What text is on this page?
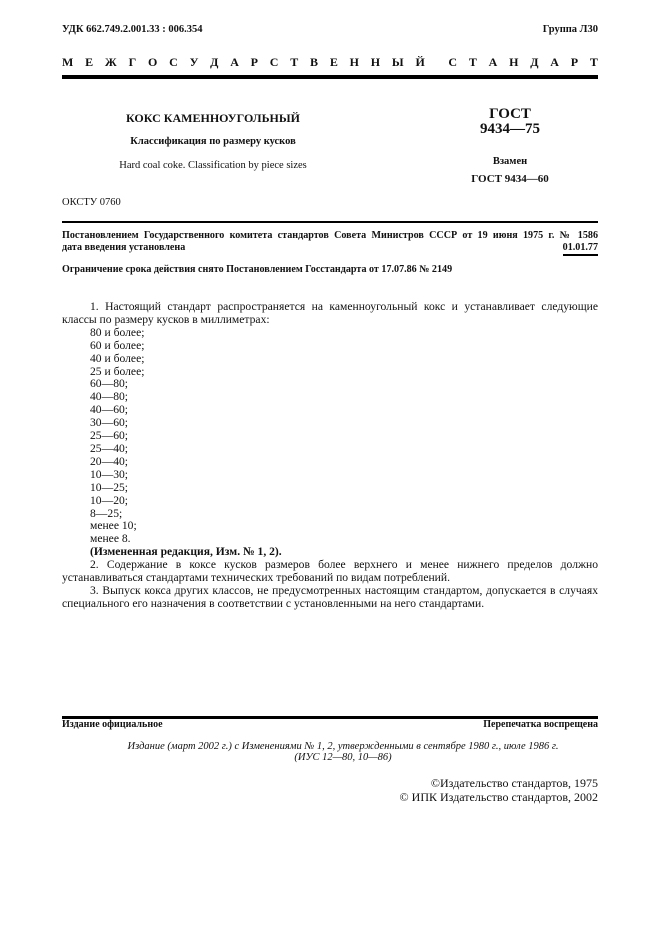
УДК 662.749.2.001.33 : 006.354	Группа Л30
М Е Ж Г О С У Д А Р С Т В Е Н Н Ы Й С Т А Н Д А Р Т
КОКС КАМЕННОУГОЛЬНЫЙ
Классификация по размеру кусков
Hard coal coke. Classification by piece sizes
ГОСТ
9434—75
Взамен
ГОСТ 9434—60
ОКСТУ 0760
Постановлением Государственного комитета стандартов Совета Министров СССР от 19 июня 1975 г. № 1586
дата введения установлена	01.01.77
Ограничение срока действия снято Постановлением Госстандарта от 17.07.86 № 2149

1. Настоящий стандарт распространяется на каменноугольный кокс и устанавливает следующие классы по размеру кусков в миллиметрах:

80 и более;

60 и более;

40 и более;

25 и более;

60—80;

40—80;

40—60;

30—60;

25—60;

25—40;

20—40;

10—30;

10—25;

10—20;

8—25;

менее 10;

менее 8.

(Измененная редакция, Изм. № 1, 2).

2. Содержание в коксе кусков размеров более верхнего и менее нижнего пределов должно устанавливаться стандартами технических требований по видам потреблений.

3. Выпуск кокса других классов, не предусмотренных настоящим стандартом, допускается в случаях специального его назначения в соответствии с установленными на него стандартами.

Издание официальное	Перепечатка воспрещена
Издание (март 2002 г.) с Изменениями № 1, 2, утвержденными в сентябре 1980 г., июле 1986 г.
(ИУС 12—80, 10—86)
©Издательство стандартов, 1975
© ИПК Издательство стандартов, 2002
